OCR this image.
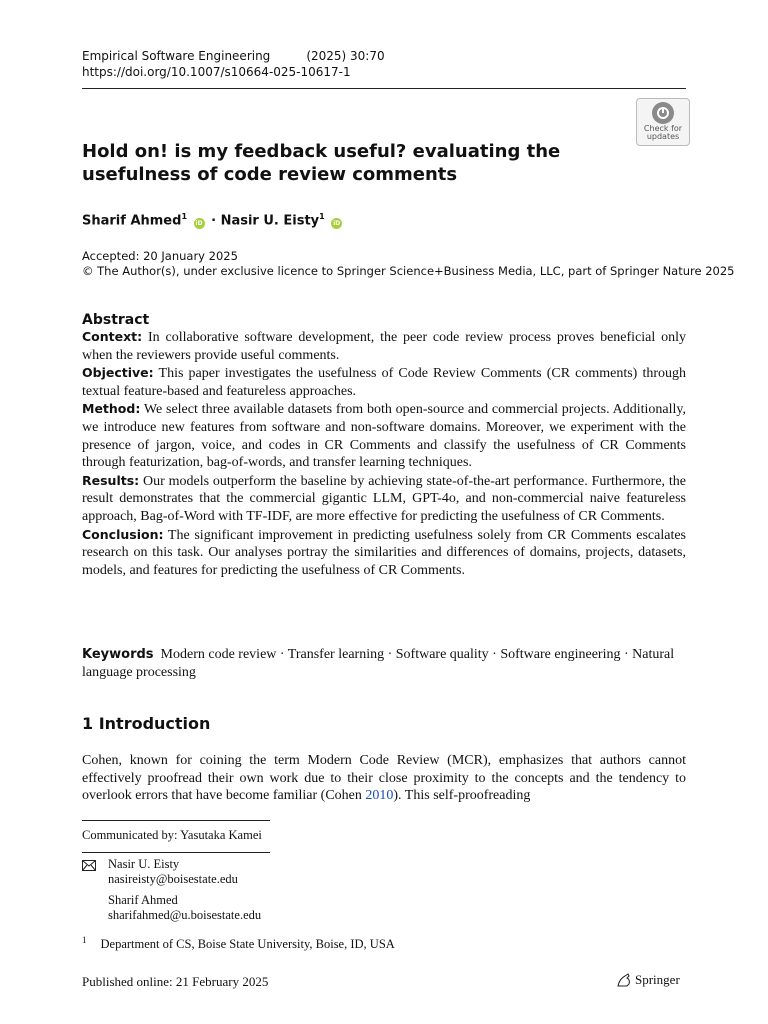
Empirical Software Engineering	(2025) 30:70
https://doi.org/10.1007/s10664-025-10617-1
Check for
updates
Hold on! is my feedback useful? evaluating the usefulness of code review comments
Sharif Ahmed$^1$ iD · Nasir U. Eisty$^1$ iD
Accepted: 20 January 2025
© The Author(s), under exclusive licence to Springer Science+Business Media, LLC, part of Springer Nature 2025
Abstract

Context: In collaborative software development, the peer code review process proves beneficial only when the reviewers provide useful comments.

Objective: This paper investigates the usefulness of Code Review Comments (CR comments) through textual feature-based and featureless approaches.

Method: We select three available datasets from both open-source and commercial projects. Additionally, we introduce new features from software and non-software domains. Moreover, we experiment with the presence of jargon, voice, and codes in CR Comments and classify the usefulness of CR Comments through featurization, bag-of-words, and transfer learning techniques.

Results: Our models outperform the baseline by achieving state-of-the-art performance. Furthermore, the result demonstrates that the commercial gigantic LLM, GPT-4o, and non-commercial naive featureless approach, Bag-of-Word with TF-IDF, are more effective for predicting the usefulness of CR Comments.

Conclusion: The significant improvement in predicting usefulness solely from CR Comments escalates research on this task. Our analyses portray the similarities and differences of domains, projects, datasets, models, and features for predicting the usefulness of CR Comments.

Keywords Modern code review · Transfer learning · Software quality · Software engineering · Natural language processing
1 Introduction
Cohen, known for coining the term Modern Code Review (MCR), emphasizes that authors cannot effectively proofread their own work due to their close proximity to the concepts and the tendency to overlook errors that have become familiar (Cohen 2010). This self-proofreading
Communicated by: Yasutaka Kamei
Nasir U. Eisty
nasireisty@boisestate.edu
Sharif Ahmed
sharifahmed@u.boisestate.edu
$^1$ Department of CS, Boise State University, Boise, ID, USA
Published online: 21 February 2025	Springer
